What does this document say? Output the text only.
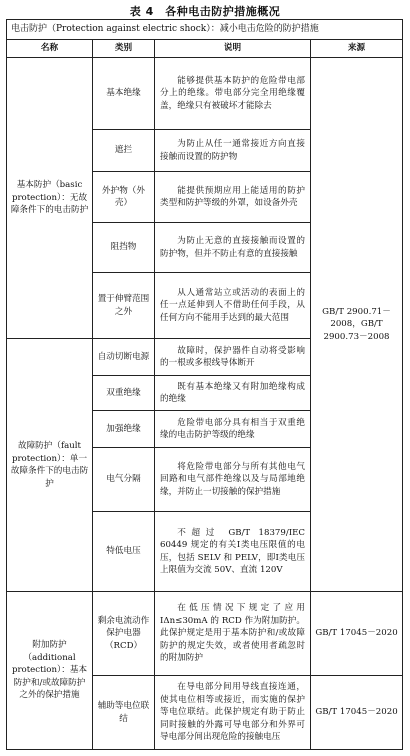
表 4　各种电击防护措施概况
电击防护（Protection against electric shock）：减小电击危险的防护措施			
名称	类别	说明	来源
基本防护（basic protection）：无故障条件下的电击防护	基本绝缘	能够提供基本防护的危险带电部分上的绝缘。带电部分完全用绝缘覆盖，绝缘只有被破坏才能除去	GB/T 2900.71－2008，GB/T 2900.73－2008
	遮拦	为防止从任一通常接近方向直接接触而设置的防护物	
	外护物（外壳）	能提供预期应用上能适用的防护类型和防护等级的外罩，如设备外壳	
	阻挡物	为防止无意的直接接触而设置的防护物，但并不防止有意的直接接触	
	置于伸臂范围之外	从人通常站立或活动的表面上的任一点延伸到人不借助任何手段，从任何方向不能用手达到的最大范围	
故障防护（fault protection）：单一故障条件下的电击防护	自动切断电源	故障时，保护器件自动将受影响的一根或多根线导体断开	
	双重绝缘	既有基本绝缘又有附加绝缘构成的绝缘	
	加强绝缘	危险带电部分具有相当于双重绝缘的电击防护等级的绝缘	
	电气分隔	将危险带电部分与所有其他电气回路和电气部件绝缘以及与局部地绝缘，并防止一切接触的保护措施	
	特低电压	不超过 GB/T 18379/IEC 60449 规定的有关Ⅰ类电压限值的电压，包括 SELV 和 PELV，即Ⅰ类电压上限值为交流 50V、直流 120V	
附加防护（additional protection）：基本防护和/或故障防护之外的保护措施	剩余电流动作保护电器（RCD）	在低压情况下规定了应用 IΔn≤30mA 的 RCD 作为附加防护。此保护规定是用于基本防护和/或故障防护的规定失效，或者使用者疏忽时的附加防护	GB/T 17045－2020
	辅助等电位联结	在导电部分间用导线直接连通，使其电位相等或接近，而实施的保护等电位联结。此保护规定有助于防止同时接触的外露可导电部分和外界可导电部分间出现危险的接触电压	GB/T 17045－2020
